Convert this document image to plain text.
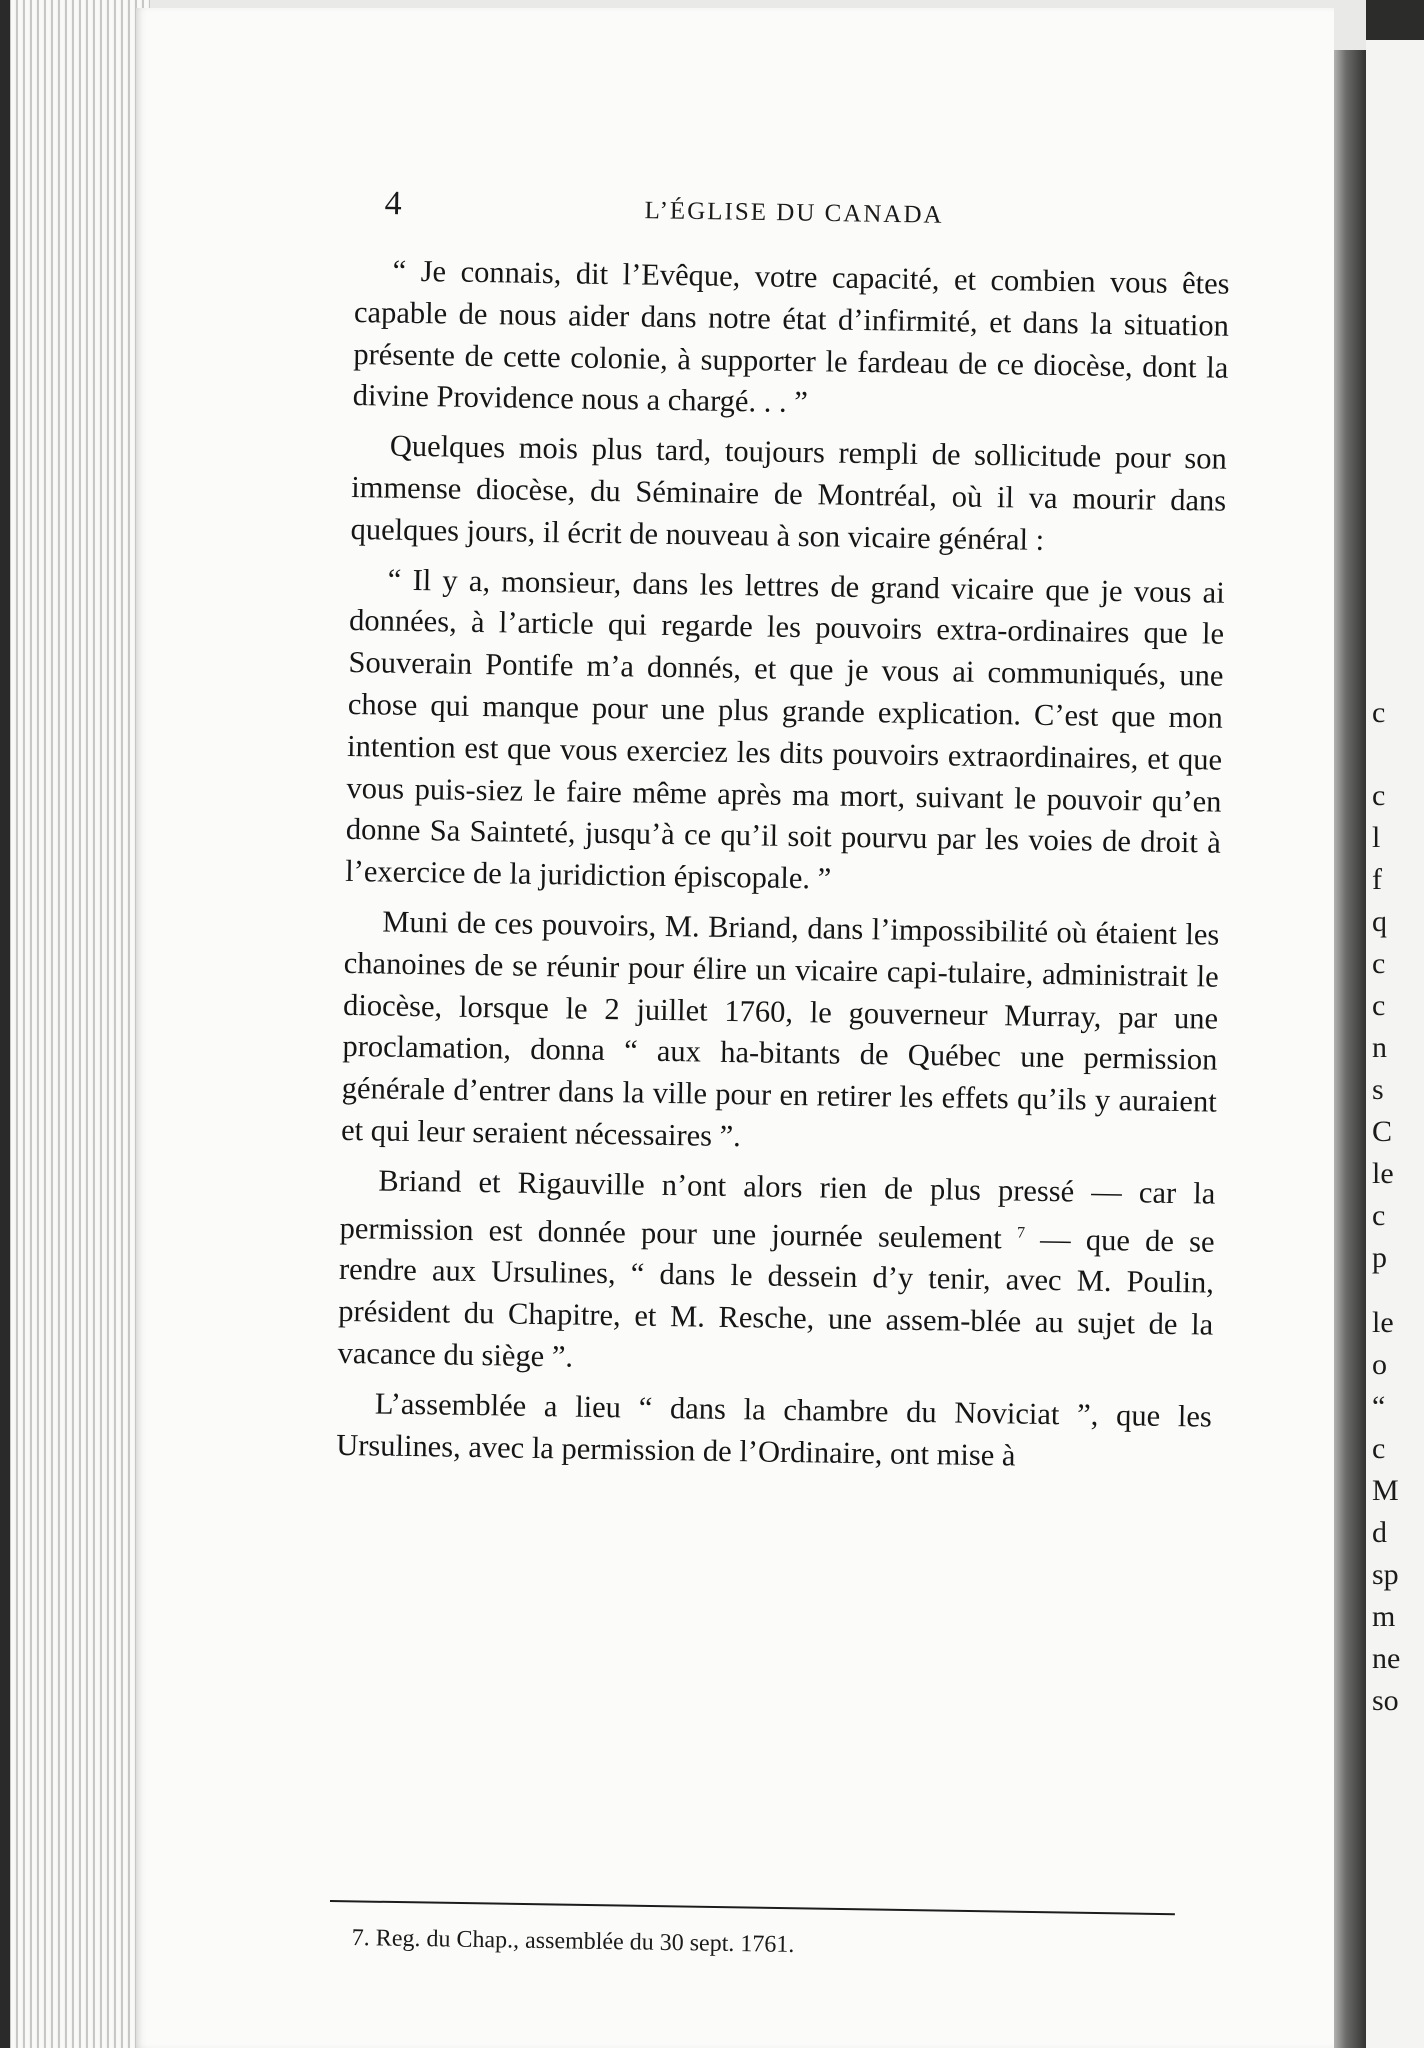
c
c
l
f
q
c
c
n
s
C
le
c
p
le
o
“
c
M
d
sp
m
ne
so
4	L’ÉGLISE DU CANADA

“ Je connais, dit l’Evêque, votre capacité, et combien vous êtes capable de nous aider dans notre état d’infirmité, et dans la situation présente de cette colonie, à supporter le fardeau de ce diocèse, dont la divine Providence nous a chargé. . . ”

Quelques mois plus tard, toujours rempli de sollicitude pour son immense diocèse, du Séminaire de Montréal, où il va mourir dans quelques jours, il écrit de nouveau à son vicaire général :

“ Il y a, monsieur, dans les lettres de grand vicaire que je vous ai données, à l’article qui regarde les pouvoirs extra-ordinaires que le Souverain Pontife m’a donnés, et que je vous ai communiqués, une chose qui manque pour une plus grande explication. C’est que mon intention est que vous exerciez les dits pouvoirs extraordinaires, et que vous puis-siez le faire même après ma mort, suivant le pouvoir qu’en donne Sa Sainteté, jusqu’à ce qu’il soit pourvu par les voies de droit à l’exercice de la juridiction épiscopale. ”

Muni de ces pouvoirs, M. Briand, dans l’impossibilité où étaient les chanoines de se réunir pour élire un vicaire capi-tulaire, administrait le diocèse, lorsque le 2 juillet 1760, le gouverneur Murray, par une proclamation, donna “ aux ha-bitants de Québec une permission générale d’entrer dans la ville pour en retirer les effets qu’ils y auraient et qui leur seraient nécessaires ”.

Briand et Rigauville n’ont alors rien de plus pressé — car la permission est donnée pour une journée seulement $^7$ — que de se rendre aux Ursulines, “ dans le dessein d’y tenir, avec M. Poulin, président du Chapitre, et M. Resche, une assem-blée au sujet de la vacance du siège ”.

L’assemblée a lieu “ dans la chambre du Noviciat ”, que les Ursulines, avec la permission de l’Ordinaire, ont mise à

7. Reg. du Chap., assemblée du 30 sept. 1761.
